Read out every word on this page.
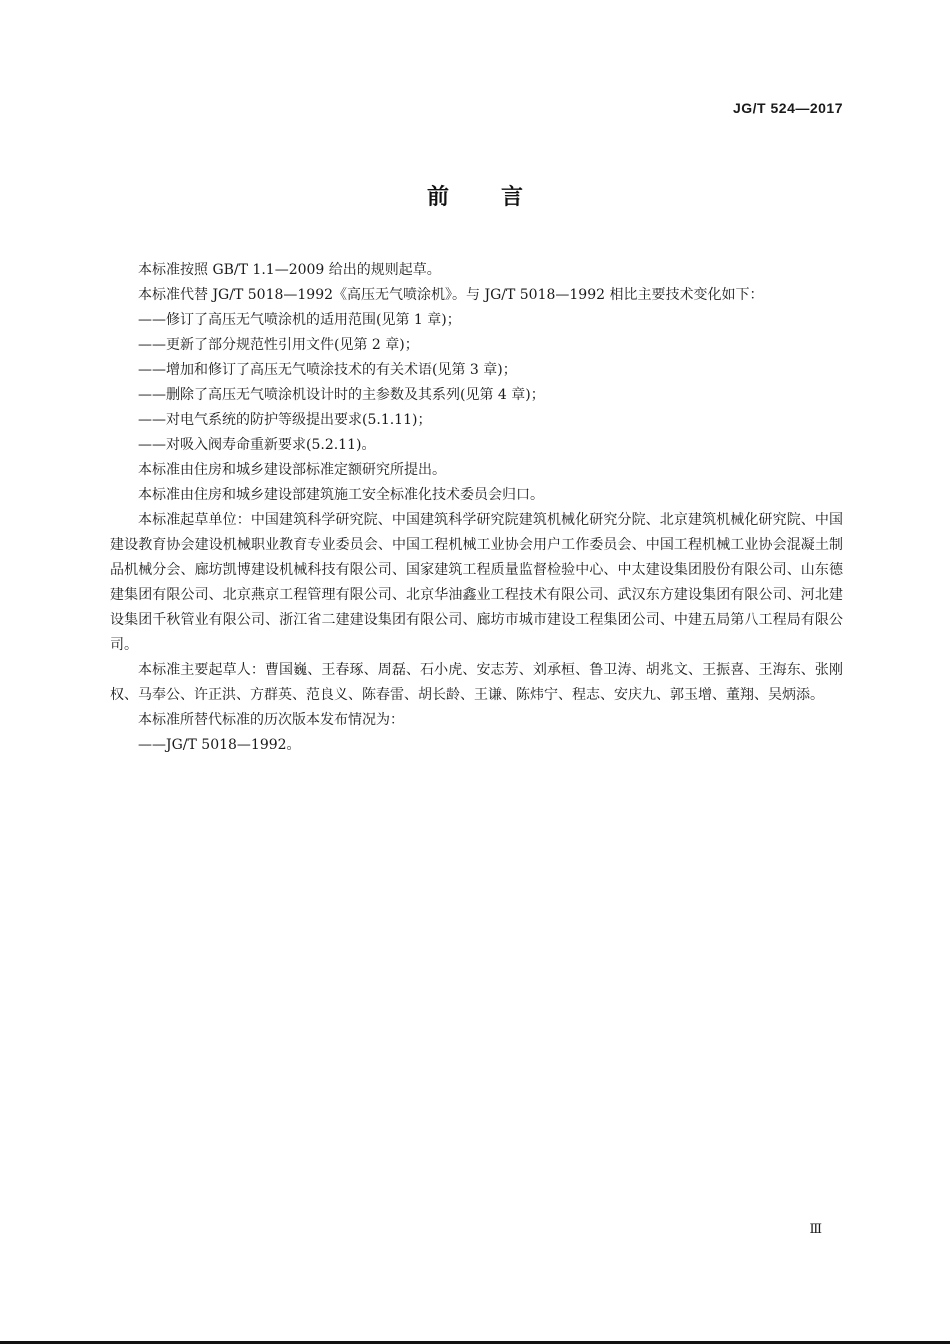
JG/T 524—2017
前言

本标准按照 GB/T 1.1—2009 给出的规则起草。

本标准代替 JG/T 5018—1992《高压无气喷涂机》。与 JG/T 5018—1992 相比主要技术变化如下：

——修订了高压无气喷涂机的适用范围(见第 1 章)；

——更新了部分规范性引用文件(见第 2 章)；

——增加和修订了高压无气喷涂技术的有关术语(见第 3 章)；

——删除了高压无气喷涂机设计时的主参数及其系列(见第 4 章)；

——对电气系统的防护等级提出要求(5.1.11)；

——对吸入阀寿命重新要求(5.2.11)。

本标准由住房和城乡建设部标准定额研究所提出。

本标准由住房和城乡建设部建筑施工安全标准化技术委员会归口。

本标准起草单位：中国建筑科学研究院、中国建筑科学研究院建筑机械化研究分院、北京建筑机械化研究院、中国建设教育协会建设机械职业教育专业委员会、中国工程机械工业协会用户工作委员会、中国工程机械工业协会混凝土制品机械分会、廊坊凯博建设机械科技有限公司、国家建筑工程质量监督检验中心、中太建设集团股份有限公司、山东德建集团有限公司、北京燕京工程管理有限公司、北京华油鑫业工程技术有限公司、武汉东方建设集团有限公司、河北建设集团千秋管业有限公司、浙江省二建建设集团有限公司、廊坊市城市建设工程集团公司、中建五局第八工程局有限公司。

本标准主要起草人：曹国巍、王春琢、周磊、石小虎、安志芳、刘承桓、鲁卫涛、胡兆文、王振喜、王海东、张刚权、马奉公、许正洪、方群英、范良义、陈春雷、胡长龄、王谦、陈炜宁、程志、安庆九、郭玉增、董翔、吴炳添。

本标准所替代标准的历次版本发布情况为：

——JG/T 5018—1992。

Ⅲ
